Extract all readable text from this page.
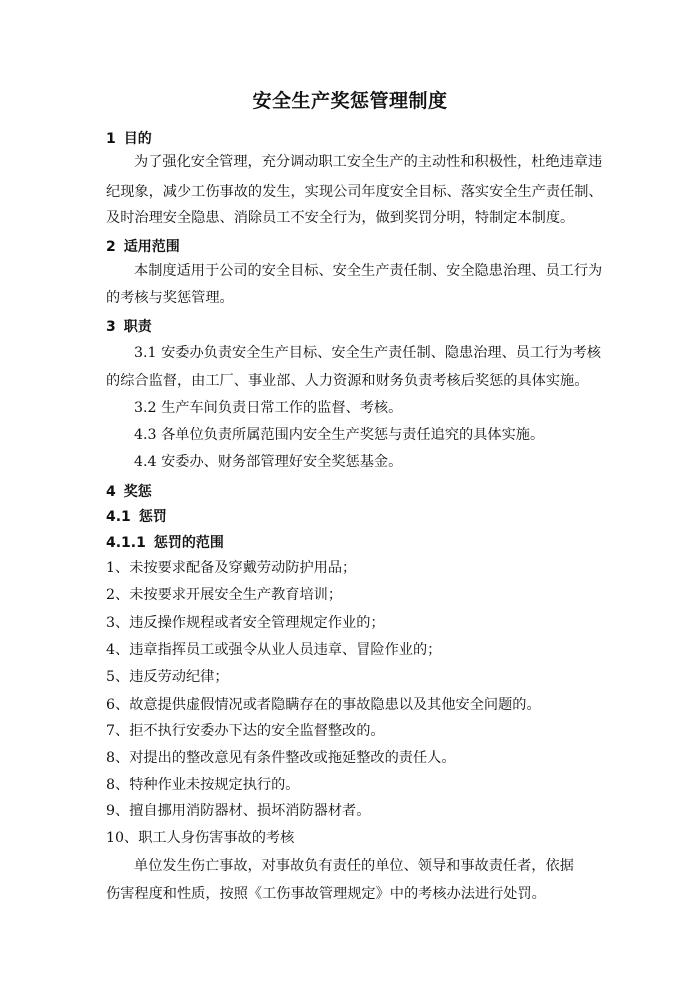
安全生产奖惩管理制度
1 目的
为了强化安全管理，充分调动职工安全生产的主动性和积极性，杜绝违章违
纪现象，减少工伤事故的发生，实现公司年度安全目标、落实安全生产责任制、
及时治理安全隐患、消除员工不安全行为，做到奖罚分明，特制定本制度。
2 适用范围
本制度适用于公司的安全目标、安全生产责任制、安全隐患治理、员工行为
的考核与奖惩管理。
3 职责
3.1 安委办负责安全生产目标、安全生产责任制、隐患治理、员工行为考核
的综合监督，由工厂、事业部、人力资源和财务负责考核后奖惩的具体实施。
3.2 生产车间负责日常工作的监督、考核。
4.3 各单位负责所属范围内安全生产奖惩与责任追究的具体实施。
4.4 安委办、财务部管理好安全奖惩基金。
4 奖惩
4.1 惩罚
4.1.1 惩罚的范围
1、未按要求配备及穿戴劳动防护用品；
2、未按要求开展安全生产教育培训；
3、违反操作规程或者安全管理规定作业的；
4、违章指挥员工或强令从业人员违章、冒险作业的；
5、违反劳动纪律；
6、故意提供虚假情况或者隐瞒存在的事故隐患以及其他安全问题的。
7、拒不执行安委办下达的安全监督整改的。
8、对提出的整改意见有条件整改或拖延整改的责任人。
8、特种作业未按规定执行的。
9、擅自挪用消防器材、损坏消防器材者。
10、职工人身伤害事故的考核
单位发生伤亡事故，对事故负有责任的单位、领导和事故责任者，依据
伤害程度和性质，按照《工伤事故管理规定》中的考核办法进行处罚。
